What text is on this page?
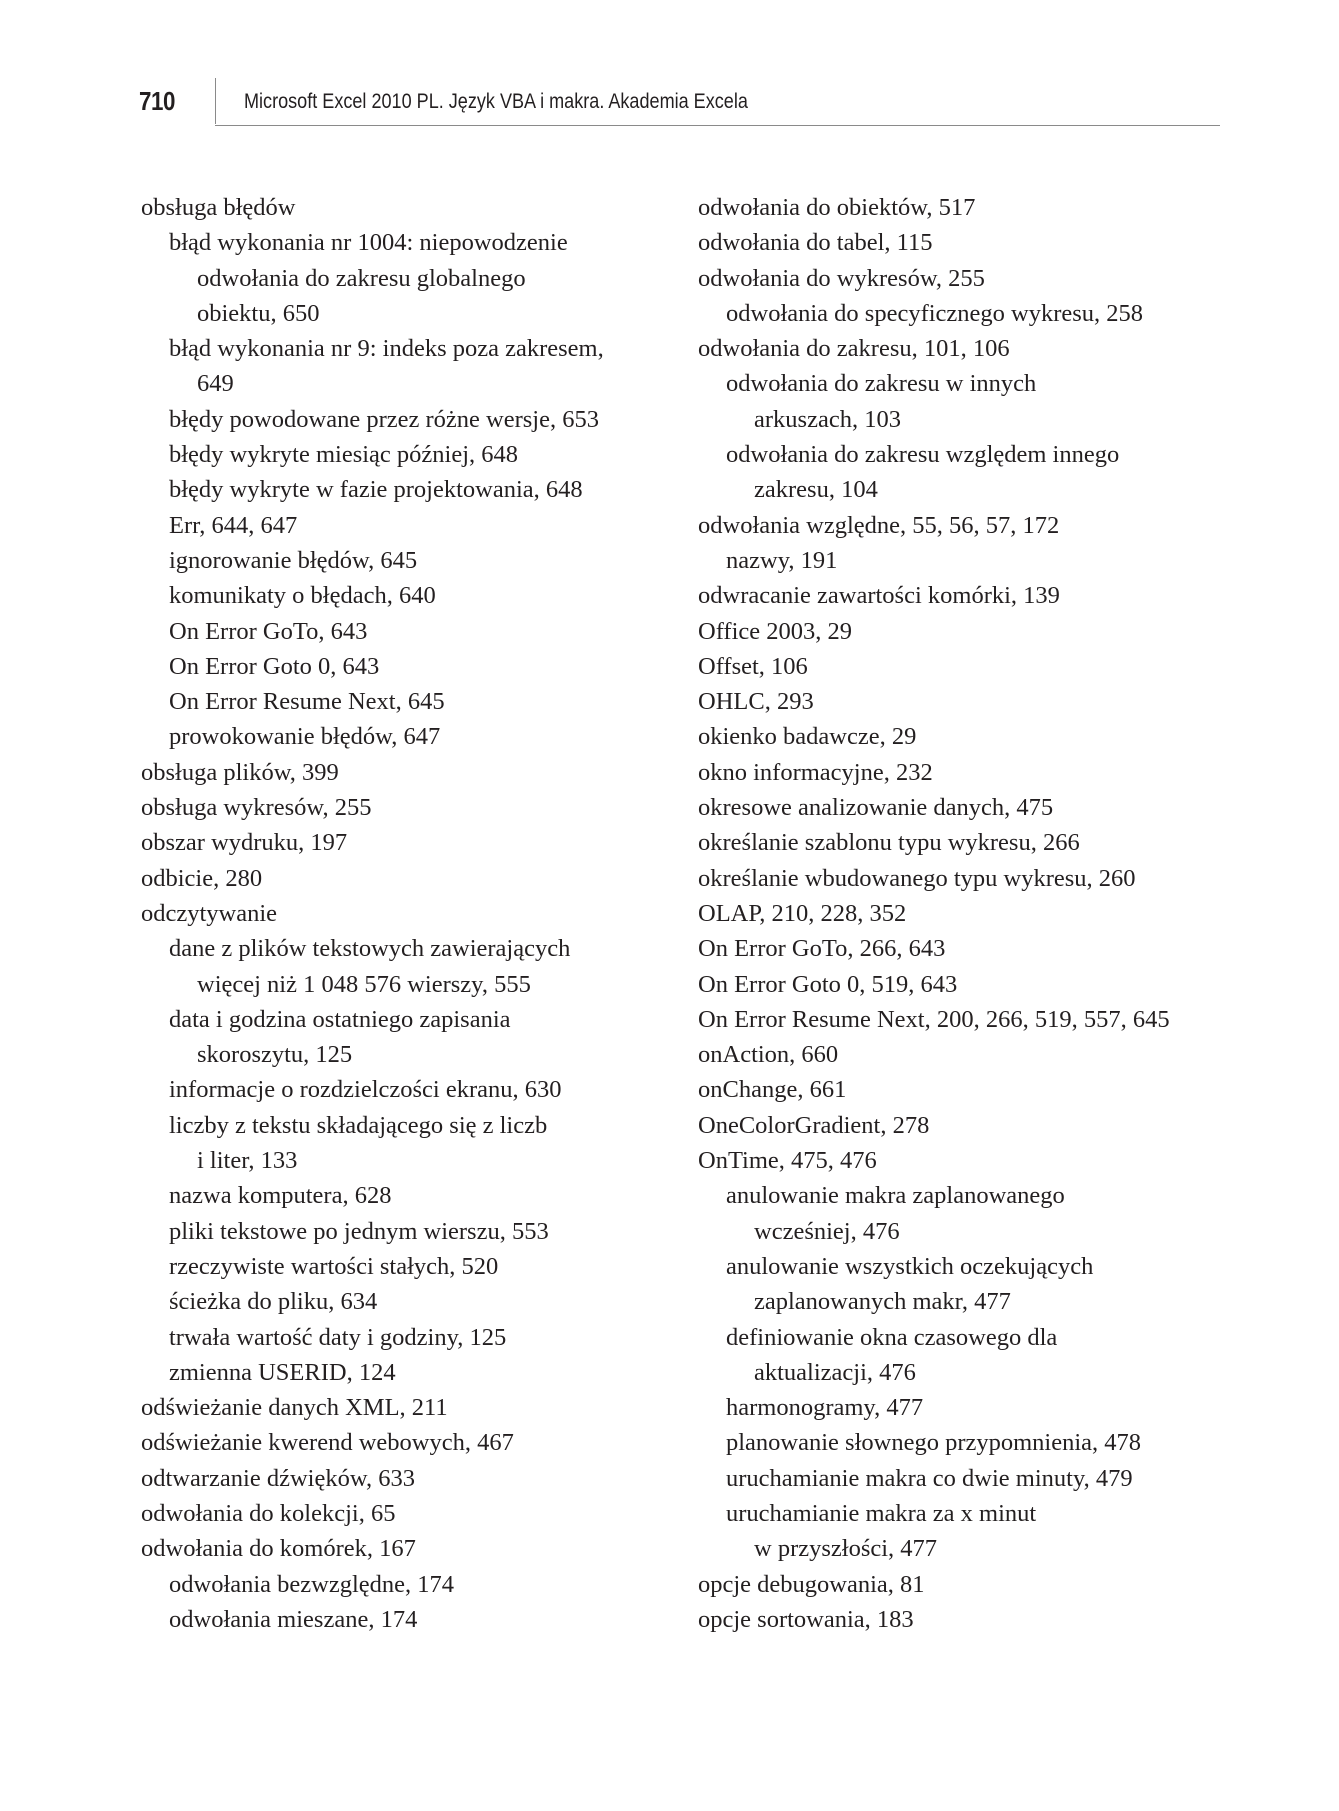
710	Microsoft Excel 2010 PL. Język VBA i makra. Akademia Excela
obsługa błędów
błąd wykonania nr 1004: niepowodzenie
odwołania do zakresu globalnego
obiektu, 650
błąd wykonania nr 9: indeks poza zakresem,
649
błędy powodowane przez różne wersje, 653
błędy wykryte miesiąc później, 648
błędy wykryte w fazie projektowania, 648
Err, 644, 647
ignorowanie błędów, 645
komunikaty o błędach, 640
On Error GoTo, 643
On Error Goto 0, 643
On Error Resume Next, 645
prowokowanie błędów, 647
obsługa plików, 399
obsługa wykresów, 255
obszar wydruku, 197
odbicie, 280
odczytywanie
dane z plików tekstowych zawierających
więcej niż 1 048 576 wierszy, 555
data i godzina ostatniego zapisania
skoroszytu, 125
informacje o rozdzielczości ekranu, 630
liczby z tekstu składającego się z liczb
i liter, 133
nazwa komputera, 628
pliki tekstowe po jednym wierszu, 553
rzeczywiste wartości stałych, 520
ścieżka do pliku, 634
trwała wartość daty i godziny, 125
zmienna USERID, 124
odświeżanie danych XML, 211
odświeżanie kwerend webowych, 467
odtwarzanie dźwięków, 633
odwołania do kolekcji, 65
odwołania do komórek, 167
odwołania bezwzględne, 174
odwołania mieszane, 174
odwołania do obiektów, 517
odwołania do tabel, 115
odwołania do wykresów, 255
odwołania do specyficznego wykresu, 258
odwołania do zakresu, 101, 106
odwołania do zakresu w innych
arkuszach, 103
odwołania do zakresu względem innego
zakresu, 104
odwołania względne, 55, 56, 57, 172
nazwy, 191
odwracanie zawartości komórki, 139
Office 2003, 29
Offset, 106
OHLC, 293
okienko badawcze, 29
okno informacyjne, 232
okresowe analizowanie danych, 475
określanie szablonu typu wykresu, 266
określanie wbudowanego typu wykresu, 260
OLAP, 210, 228, 352
On Error GoTo, 266, 643
On Error Goto 0, 519, 643
On Error Resume Next, 200, 266, 519, 557, 645
onAction, 660
onChange, 661
OneColorGradient, 278
OnTime, 475, 476
anulowanie makra zaplanowanego
wcześniej, 476
anulowanie wszystkich oczekujących
zaplanowanych makr, 477
definiowanie okna czasowego dla
aktualizacji, 476
harmonogramy, 477
planowanie słownego przypomnienia, 478
uruchamianie makra co dwie minuty, 479
uruchamianie makra za x minut
w przyszłości, 477
opcje debugowania, 81
opcje sortowania, 183
